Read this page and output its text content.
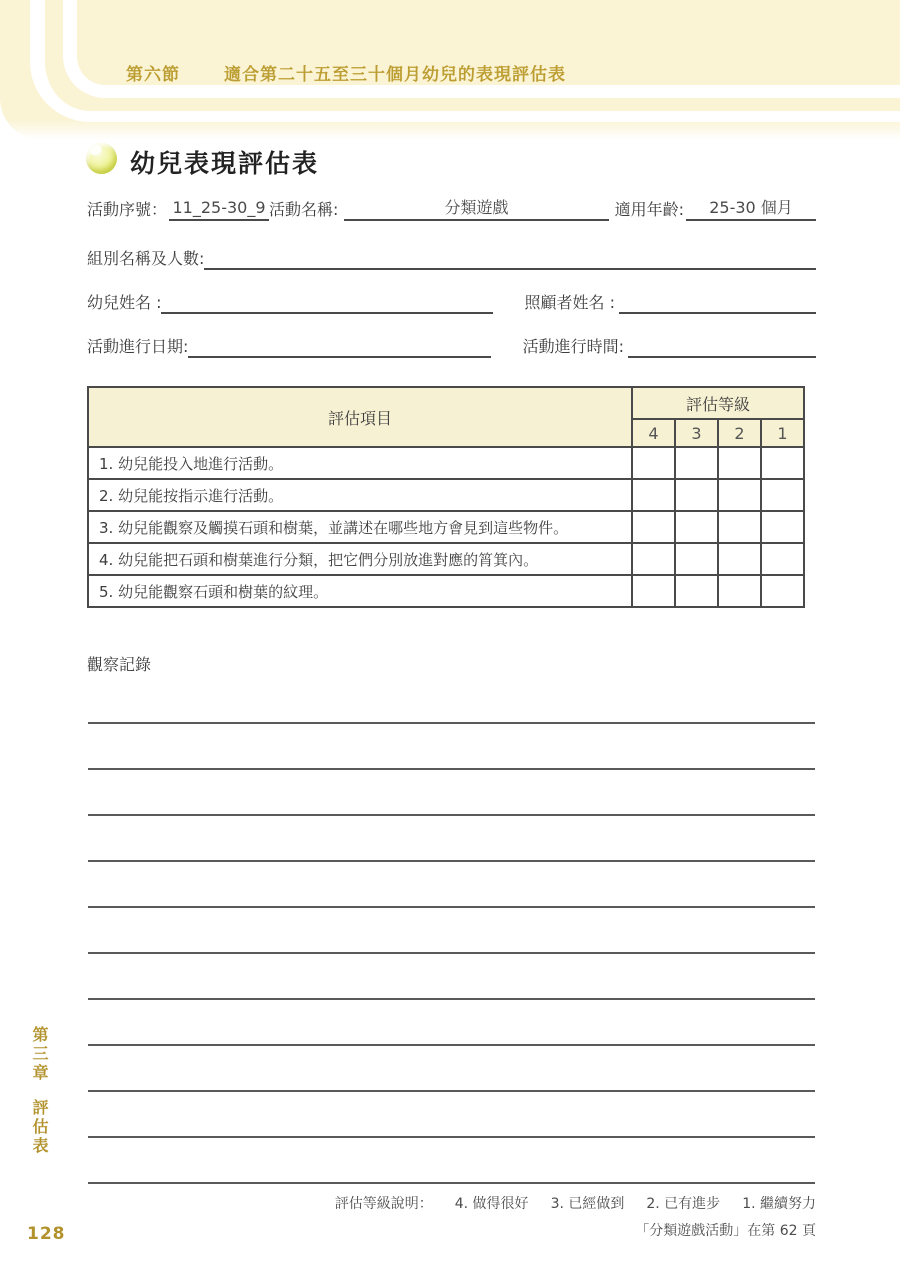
第六節	適合第二十五至三十個月幼兒的表現評估表
幼兒表現評估表
活動序號： 11_25-30_9 活動名稱:	分類遊戲	適用年齡:	25-30 個月
組別名稱及人數:
幼兒姓名 :	照顧者姓名 :
活動進行日期:	活動進行時間:
評估項目	評估等級			
	4	3	2	1
1. 幼兒能投入地進行活動。				
2. 幼兒能按指示進行活動。				
3. 幼兒能觀察及觸摸石頭和樹葉，並講述在哪些地方會見到這些物件。				
4. 幼兒能把石頭和樹葉進行分類，把它們分別放進對應的筲箕內。				
5. 幼兒能觀察石頭和樹葉的紋理。				
觀察記錄
評估等級說明： 4. 做得很好 3. 已經做到 2. 已有進步 1. 繼續努力
「分類遊戲活動」在第 62 頁
第三章評估表
128
